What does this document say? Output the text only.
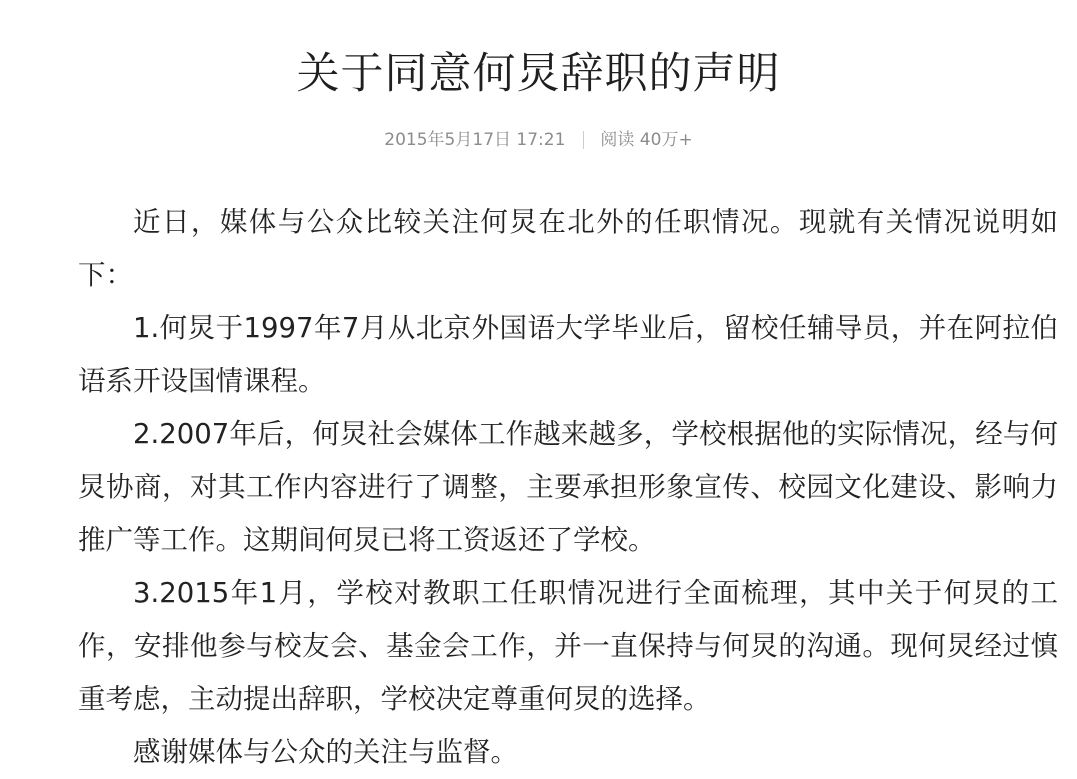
关于同意何炅辞职的声明
2015年5月17日 17:21 阅读 40万+

近日，媒体与公众比较关注何炅在北外的任职情况。现就有关情况说明如下：

1.何炅于1997年7月从北京外国语大学毕业后，留校任辅导员，并在阿拉伯语系开设国情课程。

2.2007年后，何炅社会媒体工作越来越多，学校根据他的实际情况，经与何炅协商，对其工作内容进行了调整，主要承担形象宣传、校园文化建设、影响力推广等工作。这期间何炅已将工资返还了学校。

3.2015年1月，学校对教职工任职情况进行全面梳理，其中关于何炅的工作，安排他参与校友会、基金会工作，并一直保持与何炅的沟通。现何炅经过慎重考虑，主动提出辞职，学校决定尊重何炅的选择。

感谢媒体与公众的关注与监督。
